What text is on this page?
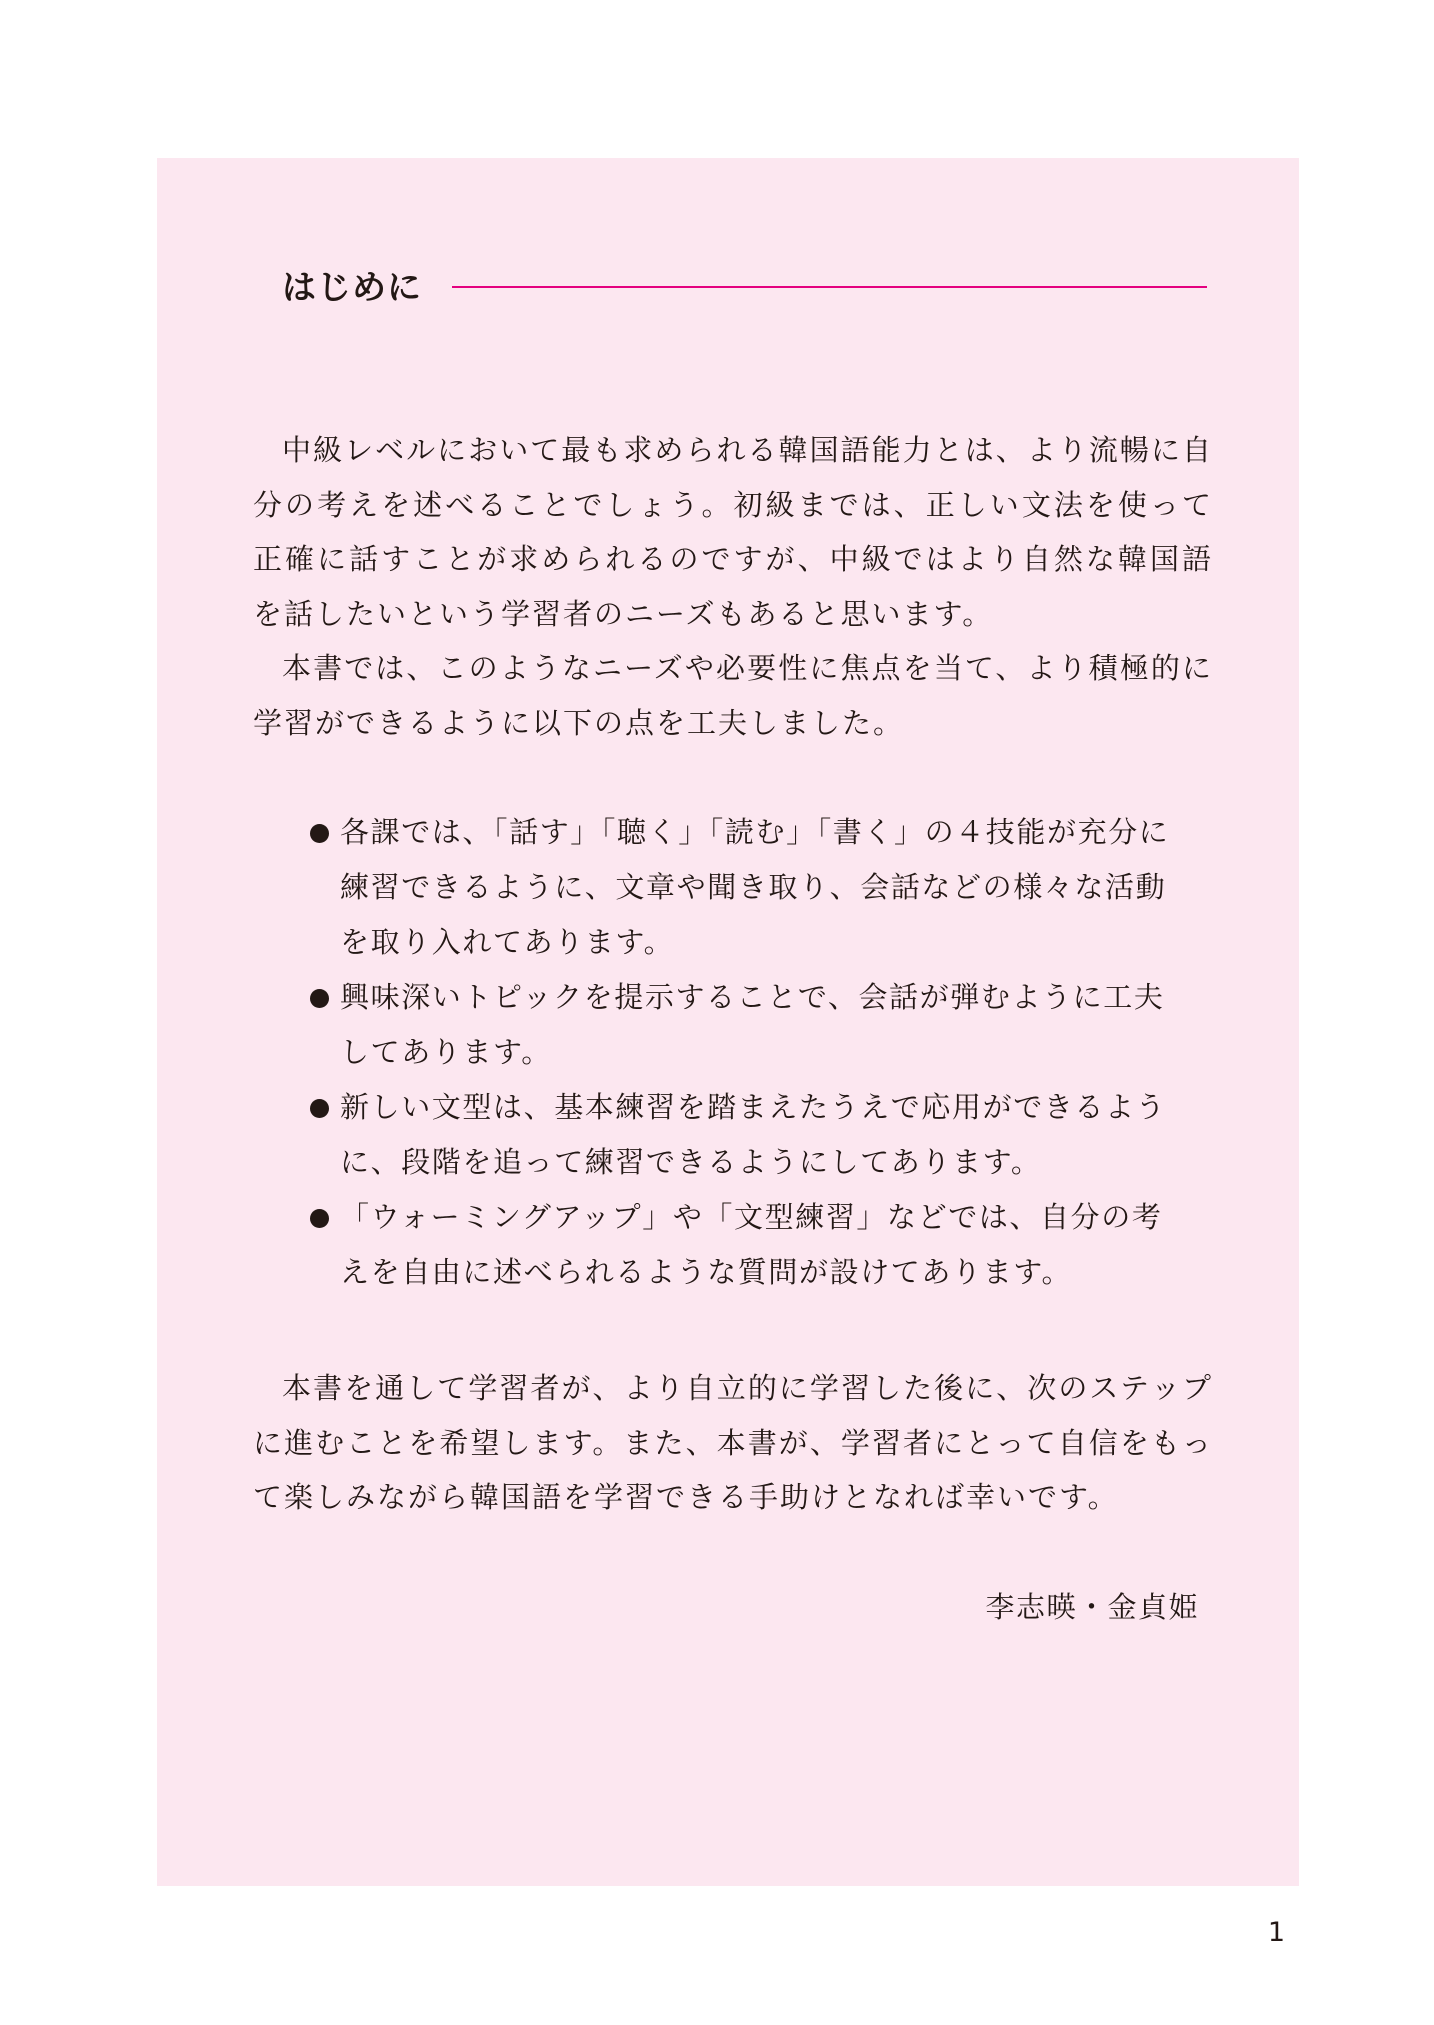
はじめに

中級レベルにおいて最も求められる韓国語能力とは、より流暢に自分の考えを述べることでしょう。初級までは、正しい文法を使って正確に話すことが求められるのですが、中級ではより自然な韓国語を話したいという学習者のニーズもあると思います。

本書では、このようなニーズや必要性に焦点を当て、より積極的に学習ができるように以下の点を工夫しました。

各課では、「話す」「聴く」「読む」「書く」の４技能が充分に練習できるように、文章や聞き取り、会話などの様々な活動を取り入れてあります。
興味深いトピックを提示することで、会話が弾むように工夫してあります。
新しい文型は、基本練習を踏まえたうえで応用ができるように、段階を追って練習できるようにしてあります。
「ウォーミングアップ」や「文型練習」などでは、自分の考えを自由に述べられるような質問が設けてあります。

本書を通して学習者が、より自立的に学習した後に、次のステップに進むことを希望します。また、本書が、学習者にとって自信をもって楽しみながら韓国語を学習できる手助けとなれば幸いです。

李志暎・金貞姫
1
